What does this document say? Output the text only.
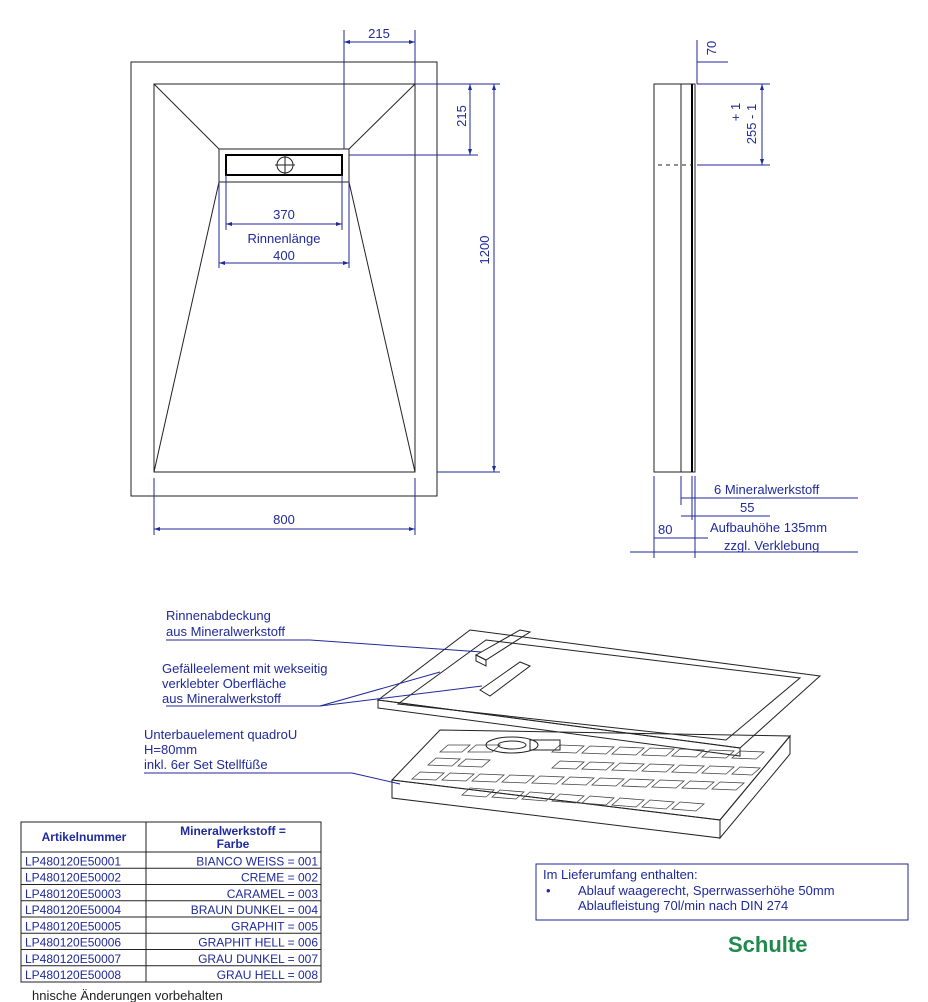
215
215
1200
370
Rinnenlänge
400
800
70
+ 1 255 - 1
6 Mineralwerkstoff
55
80	Aufbauhöhe 135mm
zzgl. Verklebung
Rinnenabdeckung
aus Mineralwerkstoff
Gefälleelement mit wekseitig
verklebter Oberfläche
aus Mineralwerkstoff
Unterbauelement quadroU
H=80mm
inkl. 6er Set Stellfüße
Artikelnummer	Mineralwerkstoff =
Farbe
LP480120E50001	BIANCO WEISS = 001
LP480120E50002	CREME = 002
LP480120E50003	CARAMEL = 003
LP480120E50004	BRAUN DUNKEL = 004
LP480120E50005	GRAPHIT = 005
LP480120E50006	GRAPHIT HELL = 006
LP480120E50007	GRAU DUNKEL = 007
LP480120E50008	GRAU HELL = 008
Im Lieferumfang enthalten:
• Ablauf waagerecht, Sperrwasserhöhe 50mm
Ablaufleistung 70l/min nach DIN 274
hnische Änderungen vorbehalten
Schulte
